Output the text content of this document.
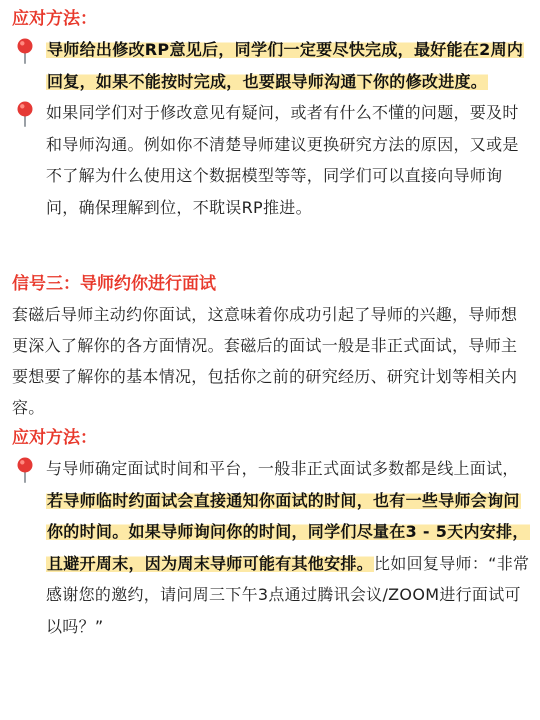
应对方法：

导师给出修改RP意见后，同学们一定要尽快完成，最好能在2周内回复，如果不能按时完成，也要跟导师沟通下你的修改进度。
如果同学们对于修改意见有疑问，或者有什么不懂的问题，要及时和导师沟通。例如你不清楚导师建议更换研究方法的原因，又或是不了解为什么使用这个数据模型等等，同学们可以直接向导师询问，确保理解到位，不耽误RP推进。

信号三：导师约你进行面试

套磁后导师主动约你面试，这意味着你成功引起了导师的兴趣，导师想更深入了解你的各方面情况。套磁后的面试一般是非正式面试，导师主要想要了解你的基本情况，包括你之前的研究经历、研究计划等相关内容。

应对方法：

与导师确定面试时间和平台，一般非正式面试多数都是线上面试，若导师临时约面试会直接通知你面试的时间，也有一些导师会询问你的时间。如果导师询问你的时间，同学们尽量在3 - 5天内安排，且避开周末，因为周末导师可能有其他安排。比如回复导师：“非常感谢您的邀约，请问周三下午3点通过腾讯会议/ZOOM进行面试可以吗？”
